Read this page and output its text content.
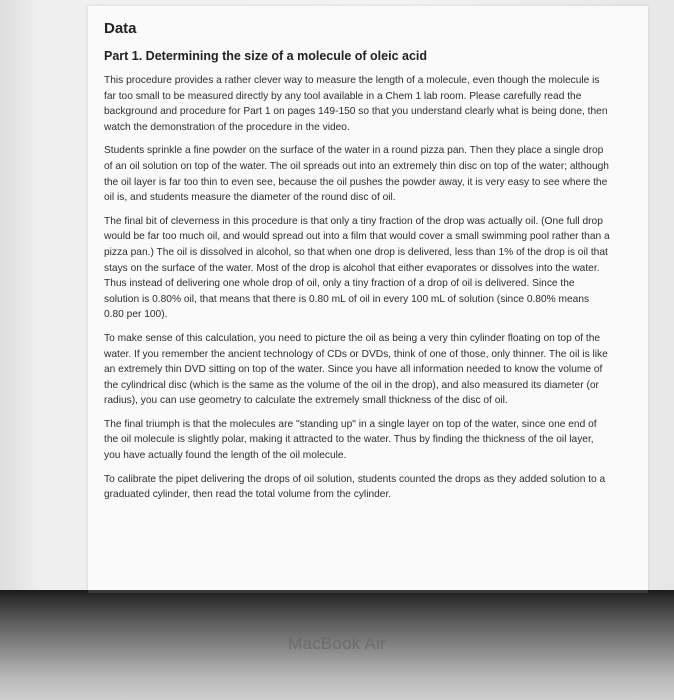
Data
Part 1. Determining the size of a molecule of oleic acid

This procedure provides a rather clever way to measure the length of a molecule, even though the molecule is far too small to be measured directly by any tool available in a Chem 1 lab room. Please carefully read the background and procedure for Part 1 on pages 149-150 so that you understand clearly what is being done, then watch the demonstration of the procedure in the video.

Students sprinkle a fine powder on the surface of the water in a round pizza pan. Then they place a single drop of an oil solution on top of the water. The oil spreads out into an extremely thin disc on top of the water; although the oil layer is far too thin to even see, because the oil pushes the powder away, it is very easy to see where the oil is, and students measure the diameter of the round disc of oil.

The final bit of cleverness in this procedure is that only a tiny fraction of the drop was actually oil. (One full drop would be far too much oil, and would spread out into a film that would cover a small swimming pool rather than a pizza pan.) The oil is dissolved in alcohol, so that when one drop is delivered, less than 1% of the drop is oil that stays on the surface of the water. Most of the drop is alcohol that either evaporates or dissolves into the water. Thus instead of delivering one whole drop of oil, only a tiny fraction of a drop of oil is delivered. Since the solution is 0.80% oil, that means that there is 0.80 mL of oil in every 100 mL of solution (since 0.80% means 0.80 per 100).

To make sense of this calculation, you need to picture the oil as being a very thin cylinder floating on top of the water. If you remember the ancient technology of CDs or DVDs, think of one of those, only thinner. The oil is like an extremely thin DVD sitting on top of the water. Since you have all information needed to know the volume of the cylindrical disc (which is the same as the volume of the oil in the drop), and also measured its diameter (or radius), you can use geometry to calculate the extremely small thickness of the disc of oil.

The final triumph is that the molecules are "standing up" in a single layer on top of the water, since one end of the oil molecule is slightly polar, making it attracted to the water. Thus by finding the thickness of the oil layer, you have actually found the length of the oil molecule.

To calibrate the pipet delivering the drops of oil solution, students counted the drops as they added solution to a graduated cylinder, then read the total volume from the cylinder.

MacBook Air
